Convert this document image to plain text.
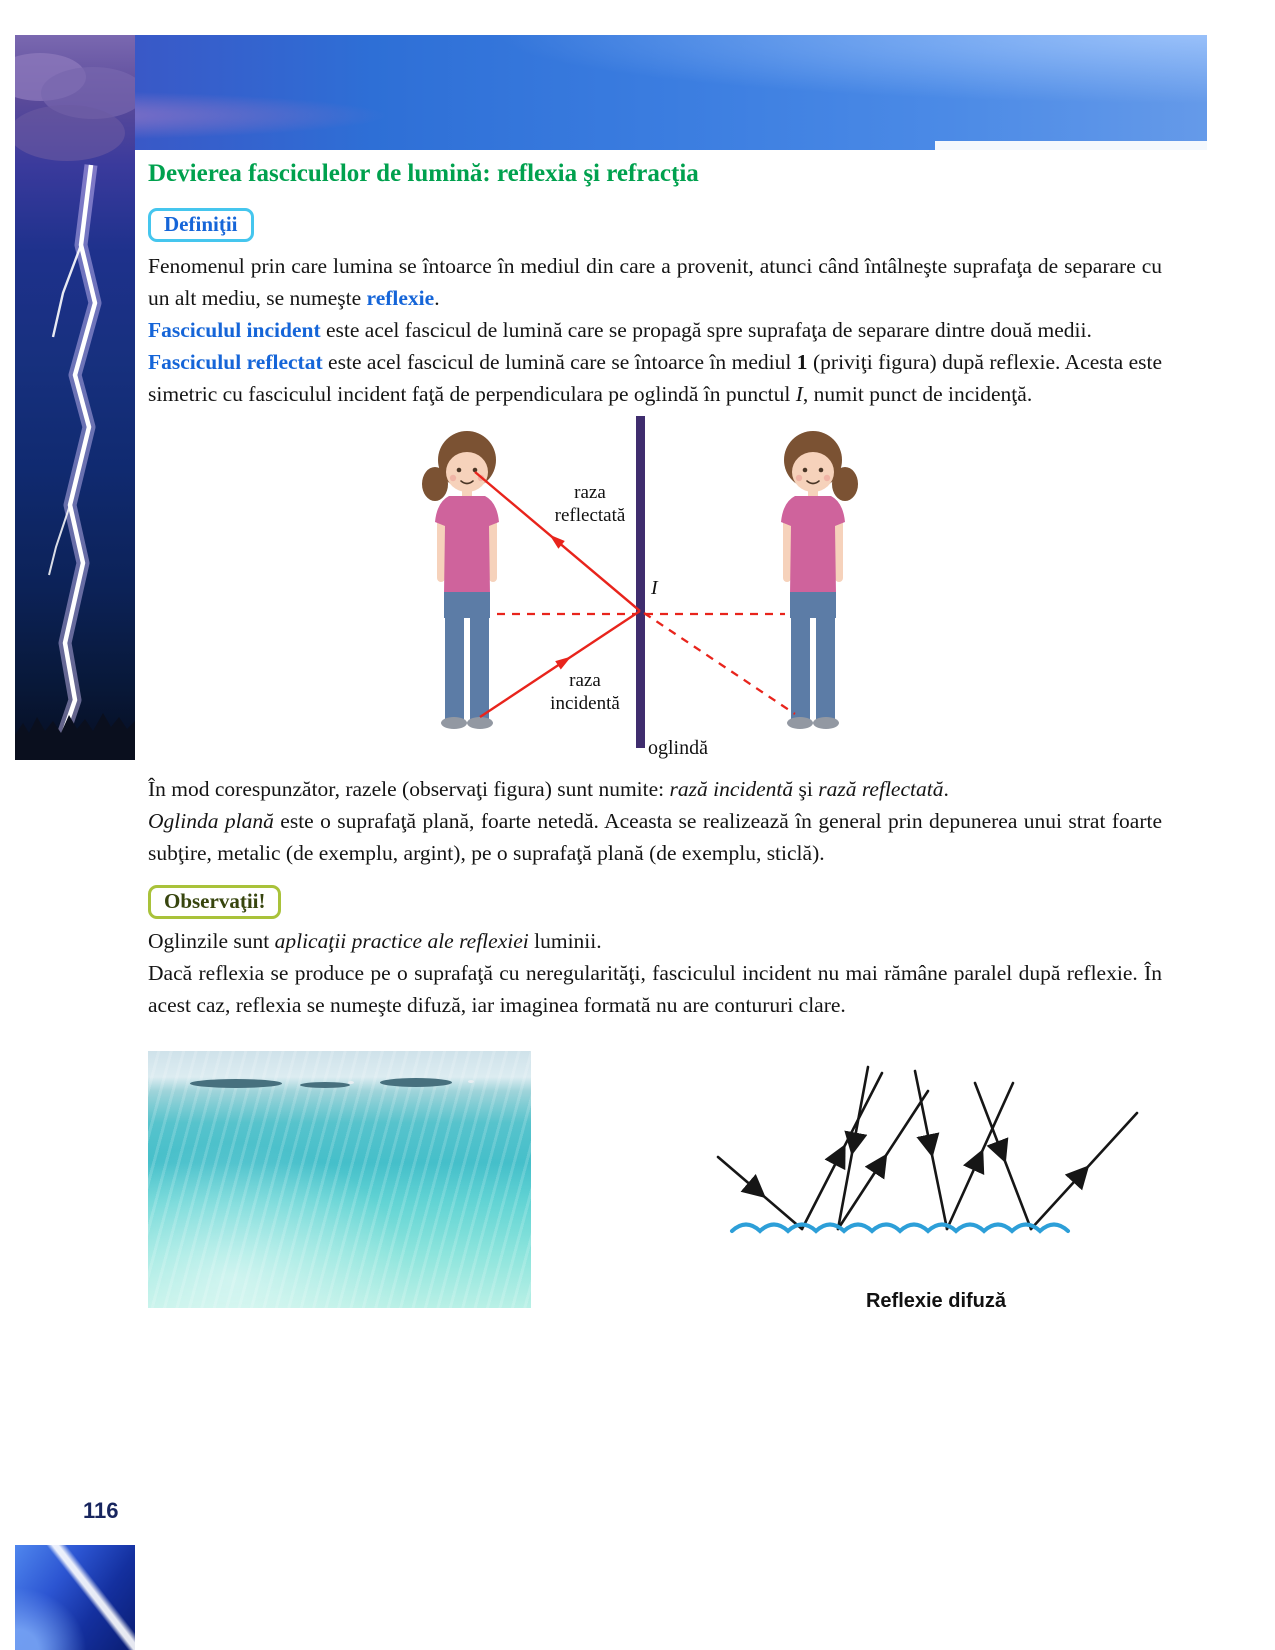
Devierea fasciculelor de lumină: reflexia şi refracţia
Definiţii

Fenomenul prin care lumina se întoarce în mediul din care a provenit, atunci când întâlneşte suprafaţa de separare cu un alt mediu, se numeşte reflexie.

Fasciculul incident este acel fascicul de lumină care se propagă spre suprafaţa de separare dintre două medii.

Fasciculul reflectat este acel fascicul de lumină care se întoarce în mediul 1 (priviţi figura) după reflexie. Acesta este simetric cu fasciculul incident faţă de perpendiculara pe oglindă în punctul I, numit punct de incidenţă.

raza
reflectată
raza
incidentă
I
oglindă

În mod corespunzător, razele (observaţi figura) sunt numite: rază incidentă şi rază reflectată.

Oglinda plană este o suprafaţă plană, foarte netedă. Aceasta se realizează în general prin depunerea unui strat foarte subţire, metalic (de exemplu, argint), pe o suprafaţă plană (de exemplu, sticlă).

Observaţii!

Oglinzile sunt aplicaţii practice ale reflexiei luminii.

Dacă reflexia se produce pe o suprafaţă cu neregularităţi, fasciculul incident nu mai rămâne paralel după reflexie. În acest caz, reflexia se numeşte difuză, iar imaginea formată nu are contururi clare.

Reflexie difuză
116
